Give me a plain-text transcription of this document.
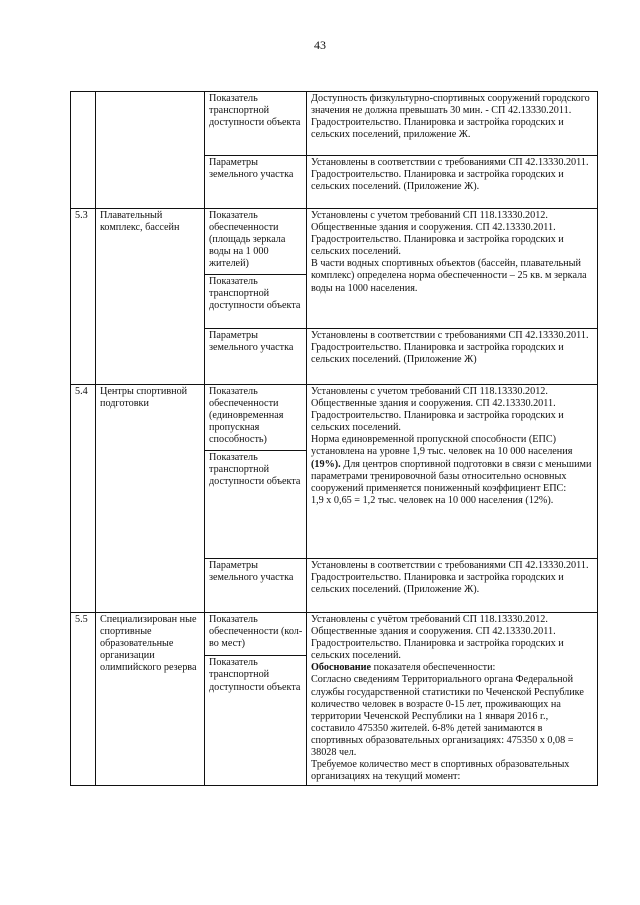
43
		Показатель транспортной доступности объекта	Доступность физкультурно-спортивных сооружений городского значения не должна превышать 30 мин. - СП 42.13330.2011. Градостроительство. Планировка и застройка городских и сельских поселений, приложение Ж.
		Параметры земельного участка	Установлены в соответствии с требованиями СП 42.13330.2011. Градостроительство. Планировка и застройка городских и сельских поселений. (Приложение Ж).
5.3	Плавательный комплекс, бассейн	Показатель обеспеченности (площадь зеркала воды на 1 000 жителей)	Установлены с учетом требований СП 118.13330.2012. Общественные здания и сооружения. СП 42.13330.2011. Градостроительство. Планировка и застройка городских и сельских поселений.
В части водных спортивных объектов (бассейн, плавательный комплекс) определена норма обеспеченности – 25 кв. м зеркала воды на 1000 населения.

		Показатель транспортной доступности объекта	
		Параметры земельного участка	Установлены в соответствии с требованиями СП 42.13330.2011. Градостроительство. Планировка и застройка городских и сельских поселений. (Приложение Ж)
5.4	Центры спортивной подготовки	Показатель обеспеченности (единовременная пропускная способность)	Установлены с учетом требований СП 118.13330.2012. Общественные здания и сооружения. СП 42.13330.2011. Градостроительство. Планировка и застройка городских и сельских поселений.
Норма единовременной пропускной способности (ЕПС) установлена на уровне 1,9 тыс. человек на 10 000 населения (19%). Для центров спортивной подготовки в связи с меньшими параметрами тренировочной базы относительно основных сооружений применяется пониженный коэффициент ЕПС:
1,9 х 0,65 = 1,2 тыс. человек на 10 000 населения (12%).

		Показатель транспортной доступности объекта	
		Параметры земельного участка	Установлены в соответствии с требованиями СП 42.13330.2011. Градостроительство. Планировка и застройка городских и сельских поселений. (Приложение Ж).
5.5	Специализирован ные спортивные образовательные организации олимпийского резерва	Показатель обеспеченности (кол-во мест)	Установлены с учётом требований СП 118.13330.2012. Общественные здания и сооружения. СП 42.13330.2011. Градостроительство. Планировка и застройка городских и сельских поселений.
Обоснование показателя обеспеченности:
Согласно сведениям Территориального органа Федеральной службы государственной статистики по Чеченской Республике количество человек в возрасте 0-15 лет, проживающих на территории Чеченской Республики на 1 января 2016 г., составило 475350 жителей. 6-8% детей занимаются в спортивных образовательных организациях: 475350 х 0,08 = 38028 чел.
Требуемое количество мест в спортивных образовательных организациях на текущий момент:

		Показатель транспортной доступности объекта	
